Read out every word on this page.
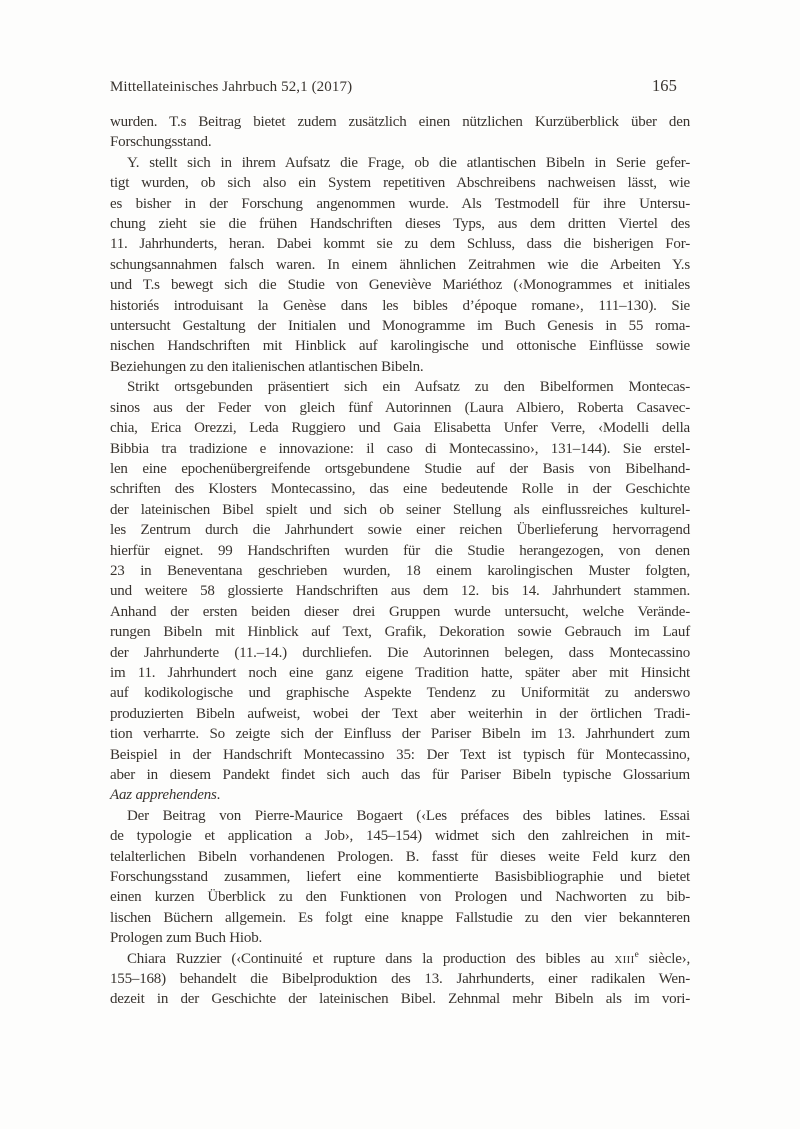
Mittellateinisches Jahrbuch 52,1 (2017)	165
wurden. T.s Beitrag bietet zudem zusätzlich einen nützlichen Kurzüberblick über den
Forschungsstand.
Y. stellt sich in ihrem Aufsatz die Frage, ob die atlantischen Bibeln in Serie gefer-
tigt wurden, ob sich also ein System repetitiven Abschreibens nachweisen lässt, wie
es bisher in der Forschung angenommen wurde. Als Testmodell für ihre Untersu-
chung zieht sie die frühen Handschriften dieses Typs, aus dem dritten Viertel des
11. Jahrhunderts, heran. Dabei kommt sie zu dem Schluss, dass die bisherigen For-
schungsannahmen falsch waren. In einem ähnlichen Zeitrahmen wie die Arbeiten Y.s
und T.s bewegt sich die Studie von Geneviève Mariéthoz (‹Monogrammes et initiales
historiés introduisant la Genèse dans les bibles d’époque romane›, 111–130). Sie
untersucht Gestaltung der Initialen und Monogramme im Buch Genesis in 55 roma-
nischen Handschriften mit Hinblick auf karolingische und ottonische Einflüsse sowie
Beziehungen zu den italienischen atlantischen Bibeln.
Strikt ortsgebunden präsentiert sich ein Aufsatz zu den Bibelformen Montecas-
sinos aus der Feder von gleich fünf Autorinnen (Laura Albiero, Roberta Casavec-
chia, Erica Orezzi, Leda Ruggiero und Gaia Elisabetta Unfer Verre, ‹Modelli della
Bibbia tra tradizione e innovazione: il caso di Montecassino›, 131–144). Sie erstel-
len eine epochenübergreifende ortsgebundene Studie auf der Basis von Bibelhand-
schriften des Klosters Montecassino, das eine bedeutende Rolle in der Geschichte
der lateinischen Bibel spielt und sich ob seiner Stellung als einflussreiches kulturel-
les Zentrum durch die Jahrhundert sowie einer reichen Überlieferung hervorragend
hierfür eignet. 99 Handschriften wurden für die Studie herangezogen, von denen
23 in Beneventana geschrieben wurden, 18 einem karolingischen Muster folgten,
und weitere 58 glossierte Handschriften aus dem 12. bis 14. Jahrhundert stammen.
Anhand der ersten beiden dieser drei Gruppen wurde untersucht, welche Verände-
rungen Bibeln mit Hinblick auf Text, Grafik, Dekoration sowie Gebrauch im Lauf
der Jahrhunderte (11.–14.) durchliefen. Die Autorinnen belegen, dass Montecassino
im 11. Jahrhundert noch eine ganz eigene Tradition hatte, später aber mit Hinsicht
auf kodikologische und graphische Aspekte Tendenz zu Uniformität zu anderswo
produzierten Bibeln aufweist, wobei der Text aber weiterhin in der örtlichen Tradi-
tion verharrte. So zeigte sich der Einfluss der Pariser Bibeln im 13. Jahrhundert zum
Beispiel in der Handschrift Montecassino 35: Der Text ist typisch für Montecassino,
aber in diesem Pandekt findet sich auch das für Pariser Bibeln typische Glossarium
Aaz apprehendens.
Der Beitrag von Pierre-Maurice Bogaert (‹Les préfaces des bibles latines. Essai
de typologie et application a Job›, 145–154) widmet sich den zahlreichen in mit-
telalterlichen Bibeln vorhandenen Prologen. B. fasst für dieses weite Feld kurz den
Forschungsstand zusammen, liefert eine kommentierte Basisbibliographie und bietet
einen kurzen Überblick zu den Funktionen von Prologen und Nachworten zu bib-
lischen Büchern allgemein. Es folgt eine knappe Fallstudie zu den vier bekannteren
Prologen zum Buch Hiob.
Chiara Ruzzier (‹Continuité et rupture dans la production des bibles au xiii$^e$ siècle›,
155–168) behandelt die Bibelproduktion des 13. Jahrhunderts, einer radikalen Wen-
dezeit in der Geschichte der lateinischen Bibel. Zehnmal mehr Bibeln als im vori-
